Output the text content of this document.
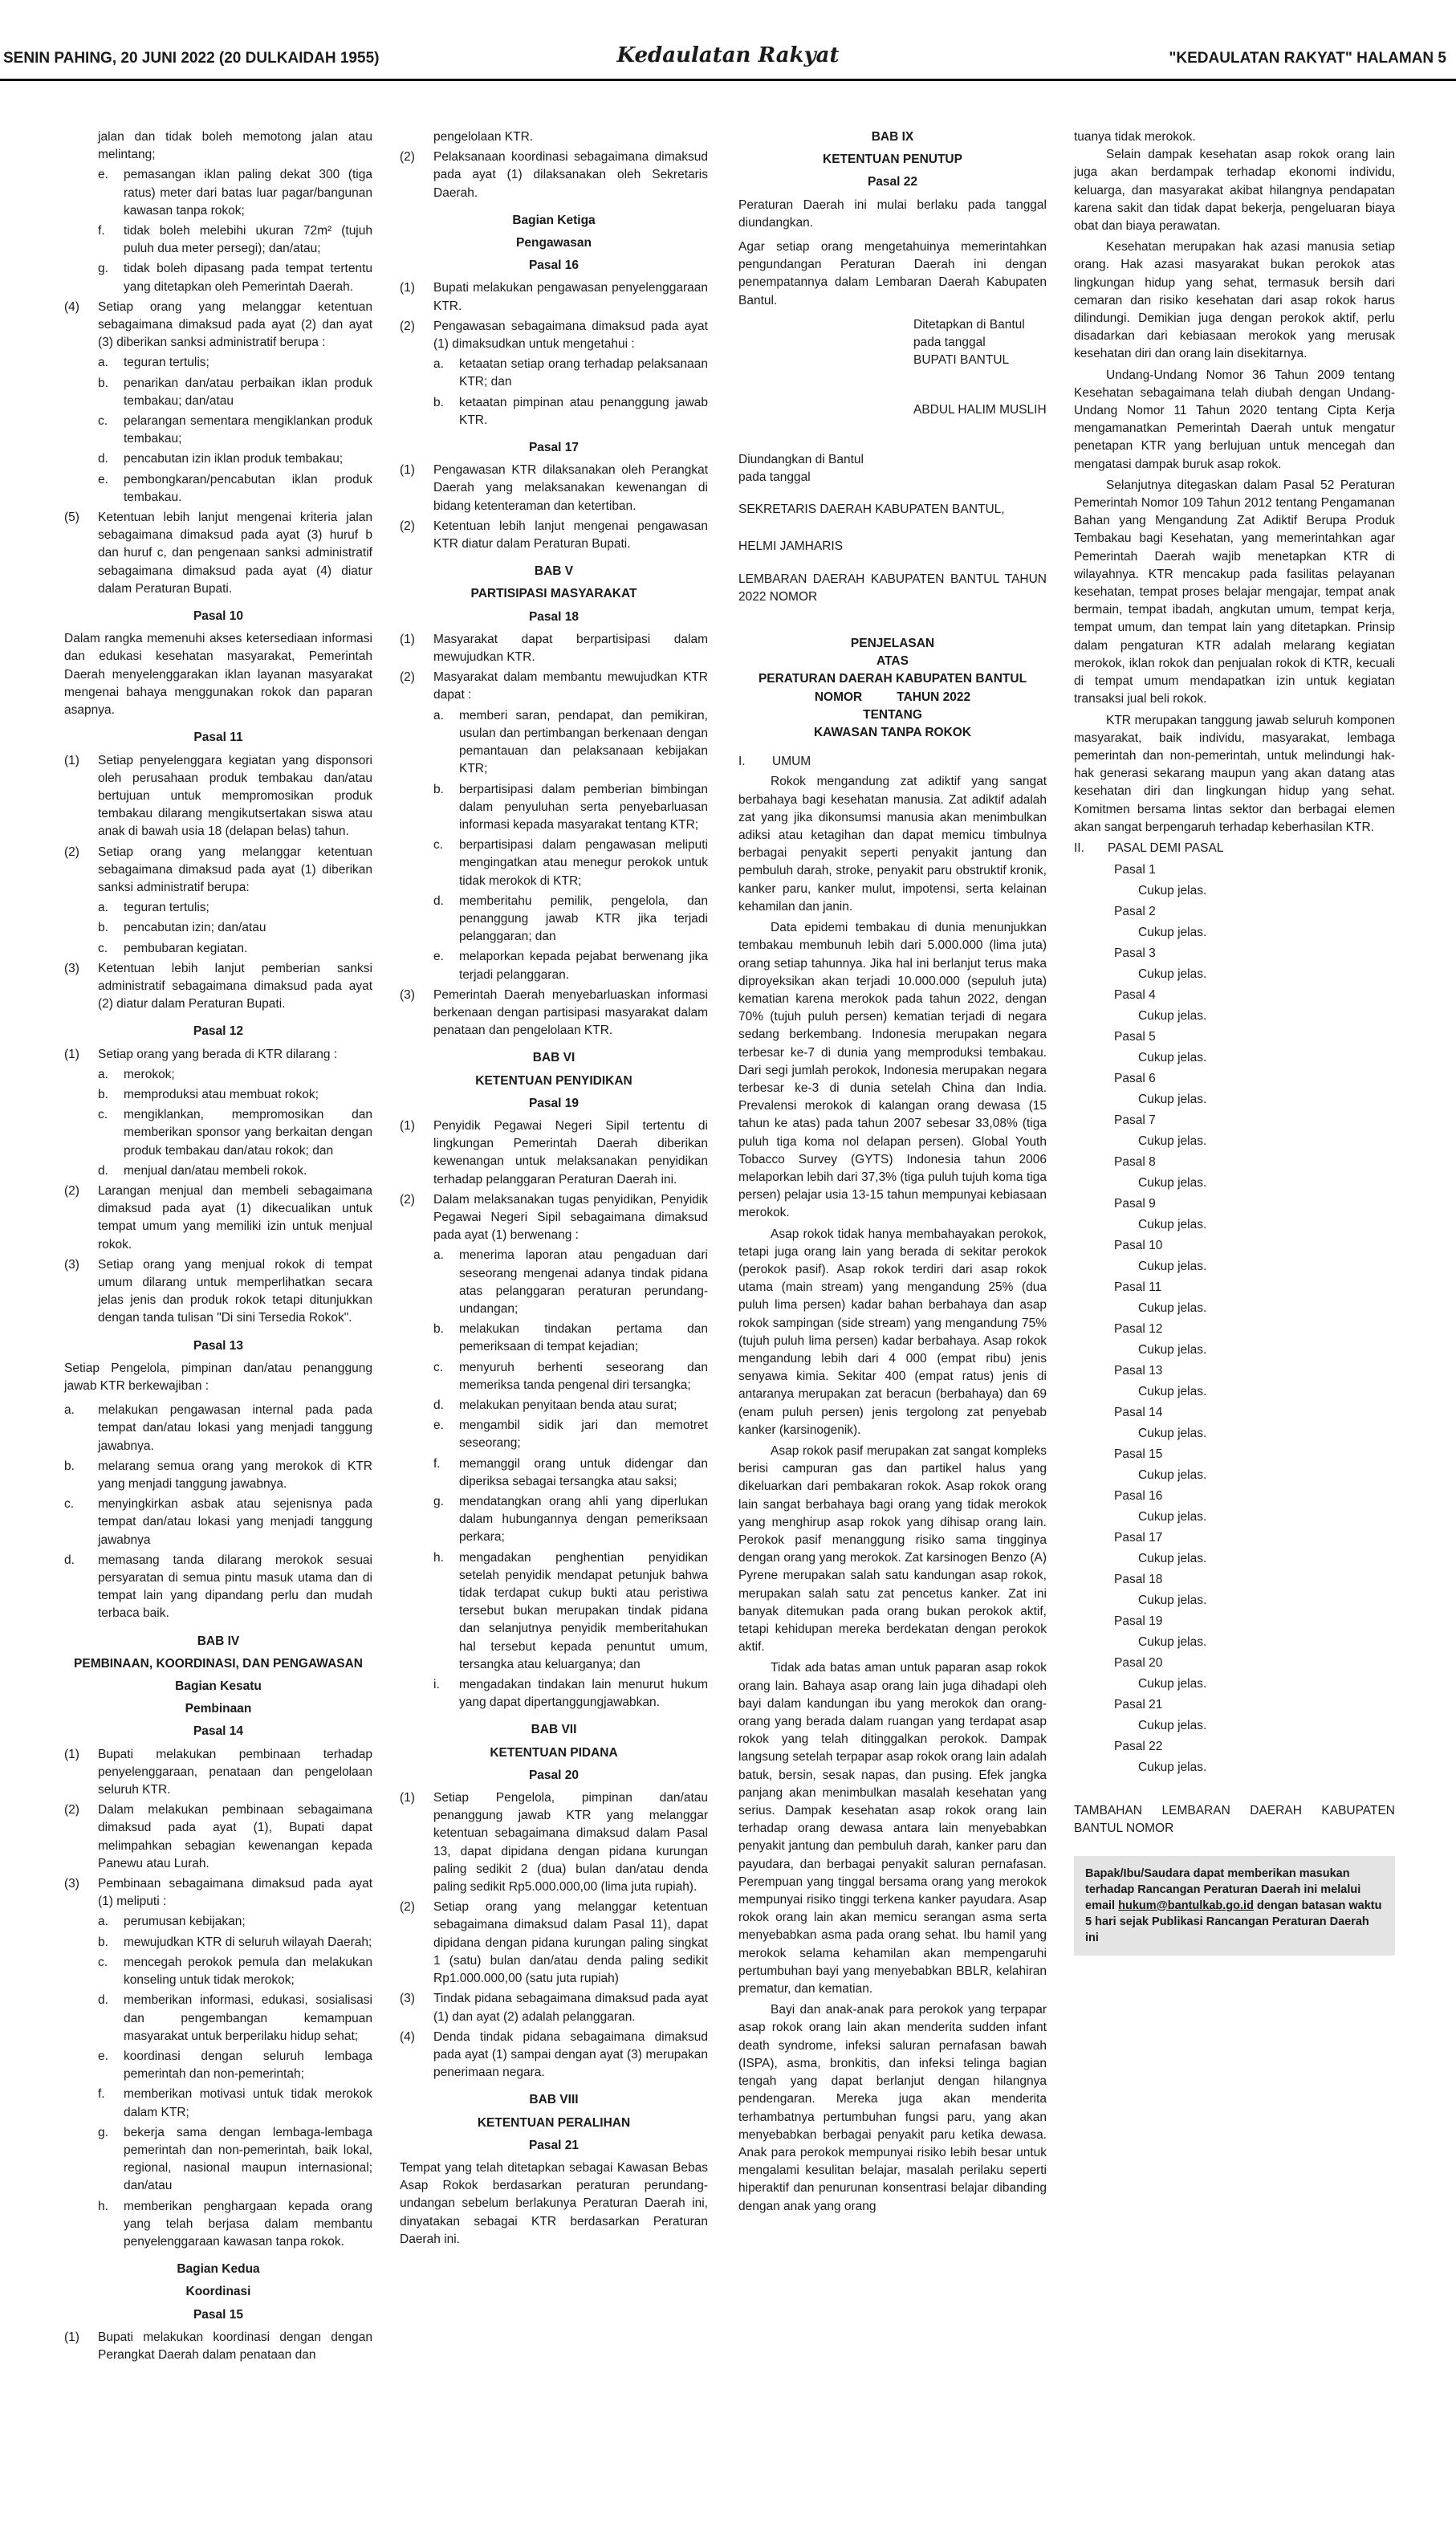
SENIN PAHING, 20 JUNI 2022 (20 DULKAIDAH 1955)	Kedaulatan Rakyat	"KEDAULATAN RAKYAT" HALAMAN 5
jalan dan tidak boleh memotong jalan atau melintang;
e.	pemasangan iklan paling dekat 300 (tiga ratus) meter dari batas luar pagar/bangunan kawasan tanpa rokok;
f.	tidak boleh melebihi ukuran 72m² (tujuh puluh dua meter persegi); dan/atau;
g.	tidak boleh dipasang pada tempat tertentu yang ditetapkan oleh Pemerintah Daerah.
(4)	Setiap orang yang melanggar ketentuan sebagaimana dimaksud pada ayat (2) dan ayat (3) diberikan sanksi administratif berupa :
a.	teguran tertulis;
b.	penarikan dan/atau perbaikan iklan produk tembakau; dan/atau
c.	pelarangan sementara mengiklankan produk tembakau;
d.	pencabutan izin iklan produk tembakau;
e.	pembongkaran/pencabutan iklan produk tembakau.
(5)	Ketentuan lebih lanjut mengenai kriteria jalan sebagaimana dimaksud pada ayat (3) huruf b dan huruf c, dan pengenaan sanksi administratif sebagaimana dimaksud pada ayat (4) diatur dalam Peraturan Bupati.
Pasal 10
Dalam rangka memenuhi akses ketersediaan informasi dan edukasi kesehatan masyarakat, Pemerintah Daerah menyelenggarakan iklan layanan masyarakat mengenai bahaya menggunakan rokok dan paparan asapnya.
Pasal 11
(1)	Setiap penyelenggara kegiatan yang disponsori oleh perusahaan produk tembakau dan/atau bertujuan untuk mempromosikan produk tembakau dilarang mengikutsertakan siswa atau anak di bawah usia 18 (delapan belas) tahun.
(2)	Setiap orang yang melanggar ketentuan sebagaimana dimaksud pada ayat (1) diberikan sanksi administratif berupa:
a.	teguran tertulis;
b.	pencabutan izin; dan/atau
c.	pembubaran kegiatan.
(3)	Ketentuan lebih lanjut pemberian sanksi administratif sebagaimana dimaksud pada ayat (2) diatur dalam Peraturan Bupati.
Pasal 12
(1)	Setiap orang yang berada di KTR dilarang :
a.	merokok;
b.	memproduksi atau membuat rokok;
c.	mengiklankan, mempromosikan dan memberikan sponsor yang berkaitan dengan produk tembakau dan/atau rokok; dan
d.	menjual dan/atau membeli rokok.
(2)	Larangan menjual dan membeli sebagaimana dimaksud pada ayat (1) dikecualikan untuk tempat umum yang memiliki izin untuk menjual rokok.
(3)	Setiap orang yang menjual rokok di tempat umum dilarang untuk memperlihatkan secara jelas jenis dan produk rokok tetapi ditunjukkan dengan tanda tulisan "Di sini Tersedia Rokok".
Pasal 13
Setiap Pengelola, pimpinan dan/atau penanggung jawab KTR berkewajiban :
a.	melakukan pengawasan internal pada pada tempat dan/atau lokasi yang menjadi tanggung jawabnya.
b.	melarang semua orang yang merokok di KTR yang menjadi tanggung jawabnya.
c.	menyingkirkan asbak atau sejenisnya pada tempat dan/atau lokasi yang menjadi tanggung jawabnya
d.	memasang tanda dilarang merokok sesuai persyaratan di semua pintu masuk utama dan di tempat lain yang dipandang perlu dan mudah terbaca baik.
BAB IV
PEMBINAAN, KOORDINASI, DAN PENGAWASAN
Bagian Kesatu
Pembinaan
Pasal 14
(1)	Bupati melakukan pembinaan terhadap penyelenggaraan, penataan dan pengelolaan seluruh KTR.
(2)	Dalam melakukan pembinaan sebagaimana dimaksud pada ayat (1), Bupati dapat melimpahkan sebagian kewenangan kepada Panewu atau Lurah.
(3)	Pembinaan sebagaimana dimaksud pada ayat (1) meliputi :
a.	perumusan kebijakan;
b.	mewujudkan KTR di seluruh wilayah Daerah;
c.	mencegah perokok pemula dan melakukan konseling untuk tidak merokok;
d.	memberikan informasi, edukasi, sosialisasi dan pengembangan kemampuan masyarakat untuk berperilaku hidup sehat;
e.	koordinasi dengan seluruh lembaga pemerintah dan non-pemerintah;
f.	memberikan motivasi untuk tidak merokok dalam KTR;
g.	bekerja sama dengan lembaga-lembaga pemerintah dan non-pemerintah, baik lokal, regional, nasional maupun internasional; dan/atau
h.	memberikan penghargaan kepada orang yang telah berjasa dalam membantu penyelenggaraan kawasan tanpa rokok.
Bagian Kedua
Koordinasi
Pasal 15
(1)	Bupati melakukan koordinasi dengan dengan Perangkat Daerah dalam penataan dan
pengelolaan KTR.
(2)	Pelaksanaan koordinasi sebagaimana dimaksud pada ayat (1) dilaksanakan oleh Sekretaris Daerah.
Bagian Ketiga
Pengawasan
Pasal 16
(1)	Bupati melakukan pengawasan penyelenggaraan KTR.
(2)	Pengawasan sebagaimana dimaksud pada ayat (1) dimaksudkan untuk mengetahui :
a.	ketaatan setiap orang terhadap pelaksanaan KTR; dan
b.	ketaatan pimpinan atau penanggung jawab KTR.
Pasal 17
(1)	Pengawasan KTR dilaksanakan oleh Perangkat Daerah yang melaksanakan kewenangan di bidang ketenteraman dan ketertiban.
(2)	Ketentuan lebih lanjut mengenai pengawasan KTR diatur dalam Peraturan Bupati.
BAB V
PARTISIPASI MASYARAKAT
Pasal 18
(1)	Masyarakat dapat berpartisipasi dalam mewujudkan KTR.
(2)	Masyarakat dalam membantu mewujudkan KTR dapat :
a.	memberi saran, pendapat, dan pemikiran, usulan dan pertimbangan berkenaan dengan pemantauan dan pelaksanaan kebijakan KTR;
b.	berpartisipasi dalam pemberian bimbingan dalam penyuluhan serta penyebarluasan informasi kepada masyarakat tentang KTR;
c.	berpartisipasi dalam pengawasan meliputi mengingatkan atau menegur perokok untuk tidak merokok di KTR;
d.	memberitahu pemilik, pengelola, dan penanggung jawab KTR jika terjadi pelanggaran; dan
e.	melaporkan kepada pejabat berwenang jika terjadi pelanggaran.
(3)	Pemerintah Daerah menyebarluaskan informasi berkenaan dengan partisipasi masyarakat dalam penataan dan pengelolaan KTR.
BAB VI
KETENTUAN PENYIDIKAN
Pasal 19
(1)	Penyidik Pegawai Negeri Sipil tertentu di lingkungan Pemerintah Daerah diberikan kewenangan untuk melaksanakan penyidikan terhadap pelanggaran Peraturan Daerah ini.
(2)	Dalam melaksanakan tugas penyidikan, Penyidik Pegawai Negeri Sipil sebagaimana dimaksud pada ayat (1) berwenang :
a.	menerima laporan atau pengaduan dari seseorang mengenai adanya tindak pidana atas pelanggaran peraturan perundang-undangan;
b.	melakukan tindakan pertama dan pemeriksaan di tempat kejadian;
c.	menyuruh berhenti seseorang dan memeriksa tanda pengenal diri tersangka;
d.	melakukan penyitaan benda atau surat;
e.	mengambil sidik jari dan memotret seseorang;
f.	memanggil orang untuk didengar dan diperiksa sebagai tersangka atau saksi;
g.	mendatangkan orang ahli yang diperlukan dalam hubungannya dengan pemeriksaan perkara;
h.	mengadakan penghentian penyidikan setelah penyidik mendapat petunjuk bahwa tidak terdapat cukup bukti atau peristiwa tersebut bukan merupakan tindak pidana dan selanjutnya penyidik memberitahukan hal tersebut kepada penuntut umum, tersangka atau keluarganya; dan
i.	mengadakan tindakan lain menurut hukum yang dapat dipertanggungjawabkan.
BAB VII
KETENTUAN PIDANA
Pasal 20
(1)	Setiap Pengelola, pimpinan dan/atau penanggung jawab KTR yang melanggar ketentuan sebagaimana dimaksud dalam Pasal 13, dapat dipidana dengan pidana kurungan paling sedikit 2 (dua) bulan dan/atau denda paling sedikit Rp5.000.000,00 (lima juta rupiah).
(2)	Setiap orang yang melanggar ketentuan sebagaimana dimaksud dalam Pasal 11), dapat dipidana dengan pidana kurungan paling singkat 1 (satu) bulan dan/atau denda paling sedikit Rp1.000.000,00 (satu juta rupiah)
(3)	Tindak pidana sebagaimana dimaksud pada ayat (1) dan ayat (2) adalah pelanggaran.
(4)	Denda tindak pidana sebagaimana dimaksud pada ayat (1) sampai dengan ayat (3) merupakan penerimaan negara.
BAB VIII
KETENTUAN PERALIHAN
Pasal 21
Tempat yang telah ditetapkan sebagai Kawasan Bebas Asap Rokok berdasarkan peraturan perundang-undangan sebelum berlakunya Peraturan Daerah ini, dinyatakan sebagai KTR berdasarkan Peraturan Daerah ini.
BAB IX
KETENTUAN PENUTUP
Pasal 22
Peraturan Daerah ini mulai berlaku pada tanggal diundangkan.
Agar setiap orang mengetahuinya memerintahkan pengundangan Peraturan Daerah ini dengan penempatannya dalam Lembaran Daerah Kabupaten Bantul.
Ditetapkan di Bantul
pada tanggal
BUPATI BANTUL
ABDUL HALIM MUSLIH
Diundangkan di Bantul
pada tanggal
SEKRETARIS DAERAH KABUPATEN BANTUL,
HELMI JAMHARIS
LEMBARAN DAERAH KABUPATEN BANTUL TAHUN 2022 NOMOR
PENJELASAN
ATAS
PERATURAN DAERAH KABUPATEN BANTUL
NOMOR          TAHUN 2022
TENTANG
KAWASAN TANPA ROKOK
I.	UMUM
Rokok mengandung zat adiktif yang sangat berbahaya bagi kesehatan manusia. Zat adiktif adalah zat yang jika dikonsumsi manusia akan menimbulkan adiksi atau ketagihan dan dapat memicu timbulnya berbagai penyakit seperti penyakit jantung dan pembuluh darah, stroke, penyakit paru obstruktif kronik, kanker paru, kanker mulut, impotensi, serta kelainan kehamilan dan janin.
Data epidemi tembakau di dunia menunjukkan tembakau membunuh lebih dari 5.000.000 (lima juta) orang setiap tahunnya. Jika hal ini berlanjut terus maka diproyeksikan akan terjadi 10.000.000 (sepuluh juta) kematian karena merokok pada tahun 2022, dengan 70% (tujuh puluh persen) kematian terjadi di negara sedang berkembang. Indonesia merupakan negara terbesar ke-7 di dunia yang memproduksi tembakau. Dari segi jumlah perokok, Indonesia merupakan negara terbesar ke-3 di dunia setelah China dan India. Prevalensi merokok di kalangan orang dewasa (15 tahun ke atas) pada tahun 2007 sebesar 33,08% (tiga puluh tiga koma nol delapan persen). Global Youth Tobacco Survey (GYTS) Indonesia tahun 2006 melaporkan lebih dari 37,3% (tiga puluh tujuh koma tiga persen) pelajar usia 13-15 tahun mempunyai kebiasaan merokok.
Asap rokok tidak hanya membahayakan perokok, tetapi juga orang lain yang berada di sekitar perokok (perokok pasif). Asap rokok terdiri dari asap rokok utama (main stream) yang mengandung 25% (dua puluh lima persen) kadar bahan berbahaya dan asap rokok sampingan (side stream) yang mengandung 75% (tujuh puluh lima persen) kadar berbahaya. Asap rokok mengandung lebih dari 4 000 (empat ribu) jenis senyawa kimia. Sekitar 400 (empat ratus) jenis di antaranya merupakan zat beracun (berbahaya) dan 69 (enam puluh persen) jenis tergolong zat penyebab kanker (karsinogenik).
Asap rokok pasif merupakan zat sangat kompleks berisi campuran gas dan partikel halus yang dikeluarkan dari pembakaran rokok. Asap rokok orang lain sangat berbahaya bagi orang yang tidak merokok yang menghirup asap rokok yang dihisap orang lain. Perokok pasif menanggung risiko sama tingginya dengan orang yang merokok. Zat karsinogen Benzo (A) Pyrene merupakan salah satu kandungan asap rokok, merupakan salah satu zat pencetus kanker. Zat ini banyak ditemukan pada orang bukan perokok aktif, tetapi kehidupan mereka berdekatan dengan perokok aktif.
Tidak ada batas aman untuk paparan asap rokok orang lain. Bahaya asap orang lain juga dihadapi oleh bayi dalam kandungan ibu yang merokok dan orang-orang yang berada dalam ruangan yang terdapat asap rokok yang telah ditinggalkan perokok. Dampak langsung setelah terpapar asap rokok orang lain adalah batuk, bersin, sesak napas, dan pusing. Efek jangka panjang akan menimbulkan masalah kesehatan yang serius. Dampak kesehatan asap rokok orang lain terhadap orang dewasa antara lain menyebabkan penyakit jantung dan pembuluh darah, kanker paru dan payudara, dan berbagai penyakit saluran pernafasan. Perempuan yang tinggal bersama orang yang merokok mempunyai risiko tinggi terkena kanker payudara. Asap rokok orang lain akan memicu serangan asma serta menyebabkan asma pada orang sehat. Ibu hamil yang merokok selama kehamilan akan mempengaruhi pertumbuhan bayi yang menyebabkan BBLR, kelahiran prematur, dan kematian.
Bayi dan anak-anak para perokok yang terpapar asap rokok orang lain akan menderita sudden infant death syndrome, infeksi saluran pernafasan bawah (ISPA), asma, bronkitis, dan infeksi telinga bagian tengah yang dapat berlanjut dengan hilangnya pendengaran. Mereka juga akan menderita terhambatnya pertumbuhan fungsi paru, yang akan menyebabkan berbagai penyakit paru ketika dewasa. Anak para perokok mempunyai risiko lebih besar untuk mengalami kesulitan belajar, masalah perilaku seperti hiperaktif dan penurunan konsentrasi belajar dibanding dengan anak yang orang
tuanya tidak merokok.
Selain dampak kesehatan asap rokok orang lain juga akan berdampak terhadap ekonomi individu, keluarga, dan masyarakat akibat hilangnya pendapatan karena sakit dan tidak dapat bekerja, pengeluaran biaya obat dan biaya perawatan.
Kesehatan merupakan hak azasi manusia setiap orang. Hak azasi masyarakat bukan perokok atas lingkungan hidup yang sehat, termasuk bersih dari cemaran dan risiko kesehatan dari asap rokok harus dilindungi. Demikian juga dengan perokok aktif, perlu disadarkan dari kebiasaan merokok yang merusak kesehatan diri dan orang lain disekitarnya.
Undang-Undang Nomor 36 Tahun 2009 tentang Kesehatan sebagaimana telah diubah dengan Undang-Undang Nomor 11 Tahun 2020 tentang Cipta Kerja mengamanatkan Pemerintah Daerah untuk mengatur penetapan KTR yang berlujuan untuk mencegah dan mengatasi dampak buruk asap rokok.
Selanjutnya ditegaskan dalam Pasal 52 Peraturan Pemerintah Nomor 109 Tahun 2012 tentang Pengamanan Bahan yang Mengandung Zat Adiktif Berupa Produk Tembakau bagi Kesehatan, yang memerintahkan agar Pemerintah Daerah wajib menetapkan KTR di wilayahnya. KTR mencakup pada fasilitas pelayanan kesehatan, tempat proses belajar mengajar, tempat anak bermain, tempat ibadah, angkutan umum, tempat kerja, tempat umum, dan tempat lain yang ditetapkan. Prinsip dalam pengaturan KTR adalah melarang kegiatan merokok, iklan rokok dan penjualan rokok di KTR, kecuali di tempat umum mendapatkan izin untuk kegiatan transaksi jual beli rokok.
KTR merupakan tanggung jawab seluruh komponen masyarakat, baik individu, masyarakat, lembaga pemerintah dan non-pemerintah, untuk melindungi hak-hak generasi sekarang maupun yang akan datang atas kesehatan diri dan lingkungan hidup yang sehat. Komitmen bersama lintas sektor dan berbagai elemen akan sangat berpengaruh terhadap keberhasilan KTR.
II.	PASAL DEMI PASAL
Pasal 1
Cukup jelas.
Pasal 2
Cukup jelas.
Pasal 3
Cukup jelas.
Pasal 4
Cukup jelas.
Pasal 5
Cukup jelas.
Pasal 6
Cukup jelas.
Pasal 7
Cukup jelas.
Pasal 8
Cukup jelas.
Pasal 9
Cukup jelas.
Pasal 10
Cukup jelas.
Pasal 11
Cukup jelas.
Pasal 12
Cukup jelas.
Pasal 13
Cukup jelas.
Pasal 14
Cukup jelas.
Pasal 15
Cukup jelas.
Pasal 16
Cukup jelas.
Pasal 17
Cukup jelas.
Pasal 18
Cukup jelas.
Pasal 19
Cukup jelas.
Pasal 20
Cukup jelas.
Pasal 21
Cukup jelas.
Pasal 22
Cukup jelas.
TAMBAHAN LEMBARAN DAERAH KABUPATEN BANTUL NOMOR
Bapak/Ibu/Saudara dapat memberikan masukan terhadap Rancangan Peraturan Daerah ini melalui email hukum@bantulkab.go.id dengan batasan waktu 5 hari sejak Publikasi Rancangan Peraturan Daerah ini
